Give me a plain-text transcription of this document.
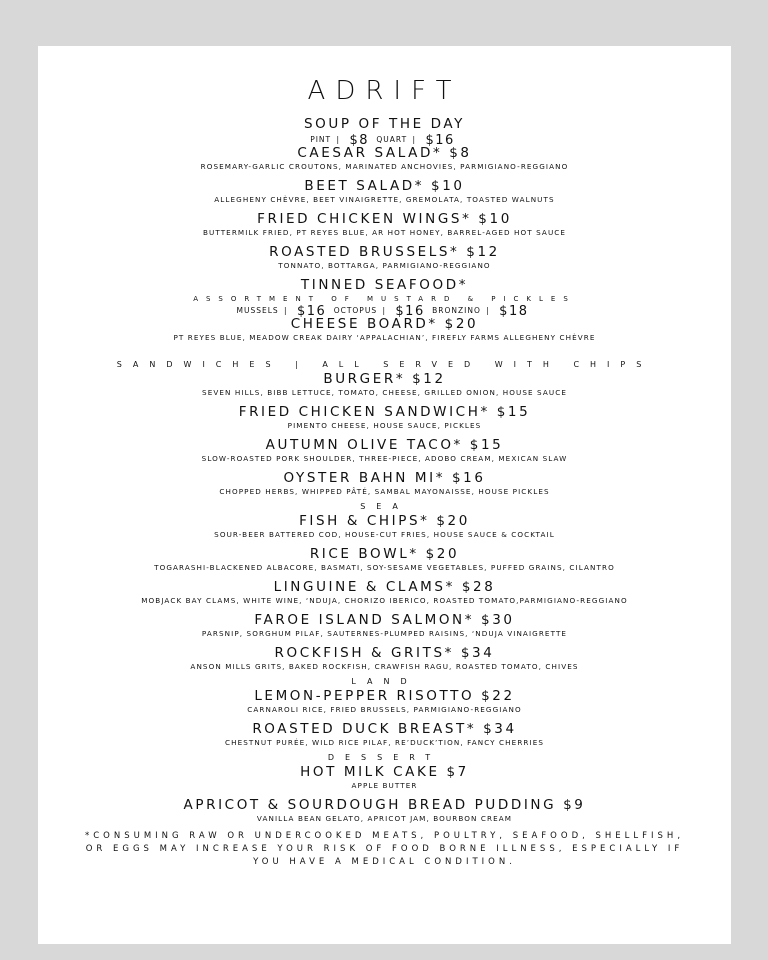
ADRIFT
SOUP OF THE DAY
PINT | $8 QUART | $16
CAESAR SALAD* $8
ROSEMARY-GARLIC CROUTONS, MARINATED ANCHOVIES, PARMIGIANO-REGGIANO
BEET SALAD* $10
ALLEGHENY CHÈVRE, BEET VINAIGRETTE, GREMOLATA, TOASTED WALNUTS
FRIED CHICKEN WINGS* $10
BUTTERMILK FRIED, PT REYES BLUE, AR HOT HONEY, BARREL-AGED HOT SAUCE
ROASTED BRUSSELS* $12
TONNATO, BOTTARGA, PARMIGIANO-REGGIANO
TINNED SEAFOOD*
ASSORTMENT OF MUSTARD & PICKLES
MUSSELS | $16 OCTOPUS | $16 BRONZINO | $18
CHEESE BOARD* $20
PT REYES BLUE, MEADOW CREAK DAIRY ‘APPALACHIAN’, FIREFLY FARMS ALLEGHENY CHÈVRE
SANDWICHES | ALL SERVED WITH CHIPS
BURGER* $12
SEVEN HILLS, BIBB LETTUCE, TOMATO, CHEESE, GRILLED ONION, HOUSE SAUCE
FRIED CHICKEN SANDWICH* $15
PIMENTO CHEESE, HOUSE SAUCE, PICKLES
AUTUMN OLIVE TACO* $15
SLOW-ROASTED PORK SHOULDER, THREE-PIECE, ADOBO CREAM, MEXICAN SLAW
OYSTER BAHN MI* $16
CHOPPED HERBS, WHIPPED PÂTÉ, SAMBAL MAYONAISSE, HOUSE PICKLES
SEA
FISH & CHIPS* $20
SOUR-BEER BATTERED COD, HOUSE-CUT FRIES, HOUSE SAUCE & COCKTAIL
RICE BOWL* $20
TOGARASHI-BLACKENED ALBACORE, BASMATI, SOY-SESAME VEGETABLES, PUFFED GRAINS, CILANTRO
LINGUINE & CLAMS* $28
MOBJACK BAY CLAMS, WHITE WINE, ‘NDUJA, CHORIZO IBERICO, ROASTED TOMATO,PARMIGIANO-REGGIANO
FAROE ISLAND SALMON* $30
PARSNIP, SORGHUM PILAF, SAUTERNES-PLUMPED RAISINS, ‘NDUJA VINAIGRETTE
ROCKFISH & GRITS* $34
ANSON MILLS GRITS, BAKED ROCKFISH, CRAWFISH RAGU, ROASTED TOMATO, CHIVES
LAND
LEMON-PEPPER RISOTTO $22
CARNAROLI RICE, FRIED BRUSSELS, PARMIGIANO-REGGIANO
ROASTED DUCK BREAST* $34
CHESTNUT PURÉE, WILD RICE PILAF, RE’DUCK’TION, FANCY CHERRIES
DESSERT
HOT MILK CAKE $7
APPLE BUTTER
APRICOT & SOURDOUGH BREAD PUDDING $9
VANILLA BEAN GELATO, APRICOT JAM, BOURBON CREAM
*CONSUMING RAW OR UNDERCOOKED MEATS, POULTRY, SEAFOOD, SHELLFISH, OR EGGS MAY INCREASE YOUR RISK OF FOOD BORNE ILLNESS, ESPECIALLY IF YOU HAVE A MEDICAL CONDITION.
